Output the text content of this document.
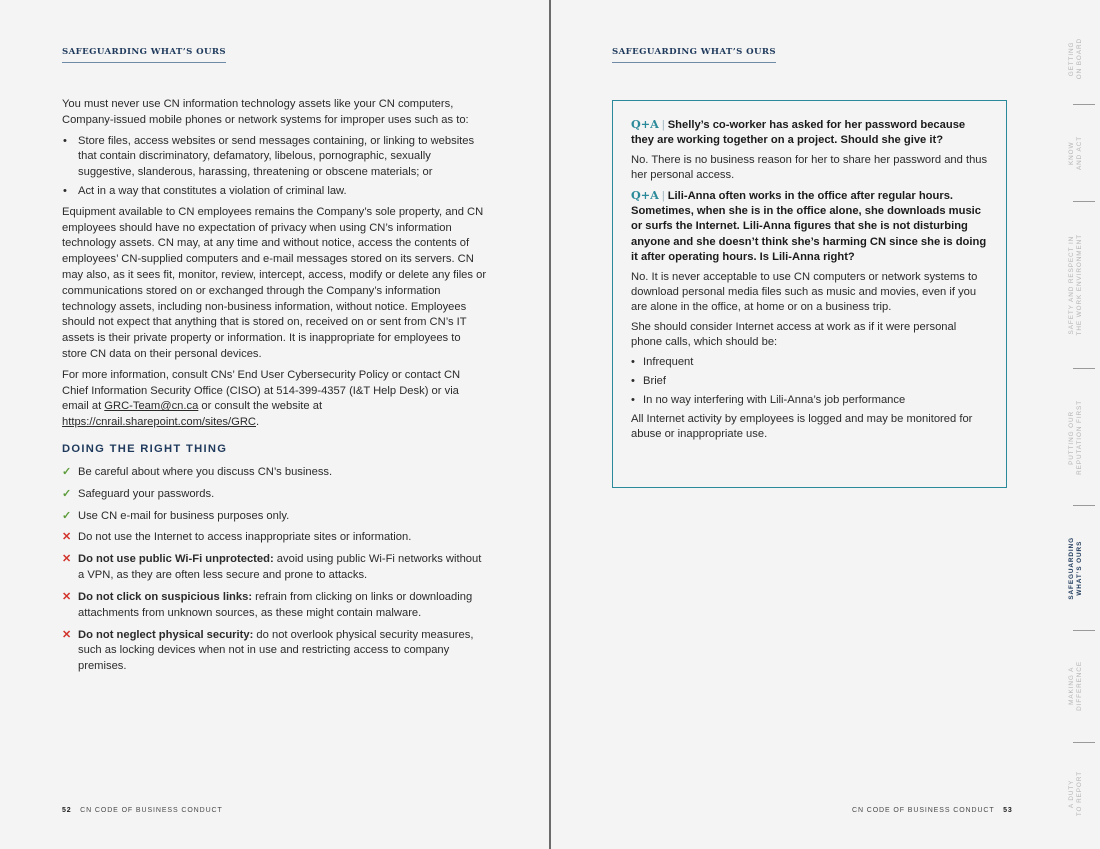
SAFEGUARDING WHAT’S OURS

You must never use CN information technology assets like your CN computers, Company-issued mobile phones or network systems for improper uses such as to:

• Store files, access websites or send messages containing, or linking to websites that contain discriminatory, defamatory, libelous, pornographic, sexually suggestive, slanderous, harassing, threatening or obscene materials; or
• Act in a way that constitutes a violation of criminal law.

Equipment available to CN employees remains the Company’s sole property, and CN employees should have no expectation of privacy when using CN’s information technology assets. CN may, at any time and without notice, access the contents of employees’ CN-supplied computers and e-mail messages stored on its servers. CN may also, as it sees fit, monitor, review, intercept, access, modify or delete any files or communications stored on or exchanged through the Company’s information technology assets, including non-business information, without notice. Employees should not expect that anything that is stored on, received on or sent from CN’s IT assets is their private property or information. It is inappropriate for employees to store CN data on their personal devices.

For more information, consult CNs’ End User Cybersecurity Policy or contact CN Chief Information Security Office (CISO) at 514-399-4357 (I&T Help Desk) or via email at GRC-Team@cn.ca or consult the website at https://cnrail.sharepoint.com/sites/GRC.

DOING THE RIGHT THING
✓ Be careful about where you discuss CN’s business.
✓ Safeguard your passwords.
✓ Use CN e-mail for business purposes only.
✕ Do not use the Internet to access inappropriate sites or information.
✕ Do not use public Wi-Fi unprotected: avoid using public Wi-Fi networks without a VPN, as they are often less secure and prone to attacks.
✕ Do not click on suspicious links: refrain from clicking on links or downloading attachments from unknown sources, as these might contain malware.
✕ Do not neglect physical security: do not overlook physical security measures, such as locking devices when not in use and restricting access to company premises.
52 CN CODE OF BUSINESS CONDUCT
SAFEGUARDING WHAT’S OURS

Q+A | Shelly’s co-worker has asked for her password because they are working together on a project. Should she give it?

No. There is no business reason for her to share her password and thus her personal access.

Q+A | Lili-Anna often works in the office after regular hours. Sometimes, when she is in the office alone, she downloads music or surfs the Internet. Lili-Anna figures that she is not disturbing anyone and she doesn’t think she’s harming CN since she is doing it after operating hours. Is Lili-Anna right?

No. It is never acceptable to use CN computers or network systems to download personal media files such as music and movies, even if you are alone in the office, at home or on a business trip.

She should consider Internet access at work as if it were personal phone calls, which should be:

• Infrequent
• Brief
• In no way interfering with Lili-Anna’s job performance

All Internet activity by employees is logged and may be monitored for abuse or inappropriate use.

CN CODE OF BUSINESS CONDUCT 53
GETTING
ON BOARD
KNOW
AND ACT
SAFETY AND RESPECT IN
THE WORK ENVIRONMENT
PUTTING OUR
REPUTATION FIRST
SAFEGUARDING
WHAT’S OURS
MAKING A
DIFFERENCE
A DUTY
TO REPORT
